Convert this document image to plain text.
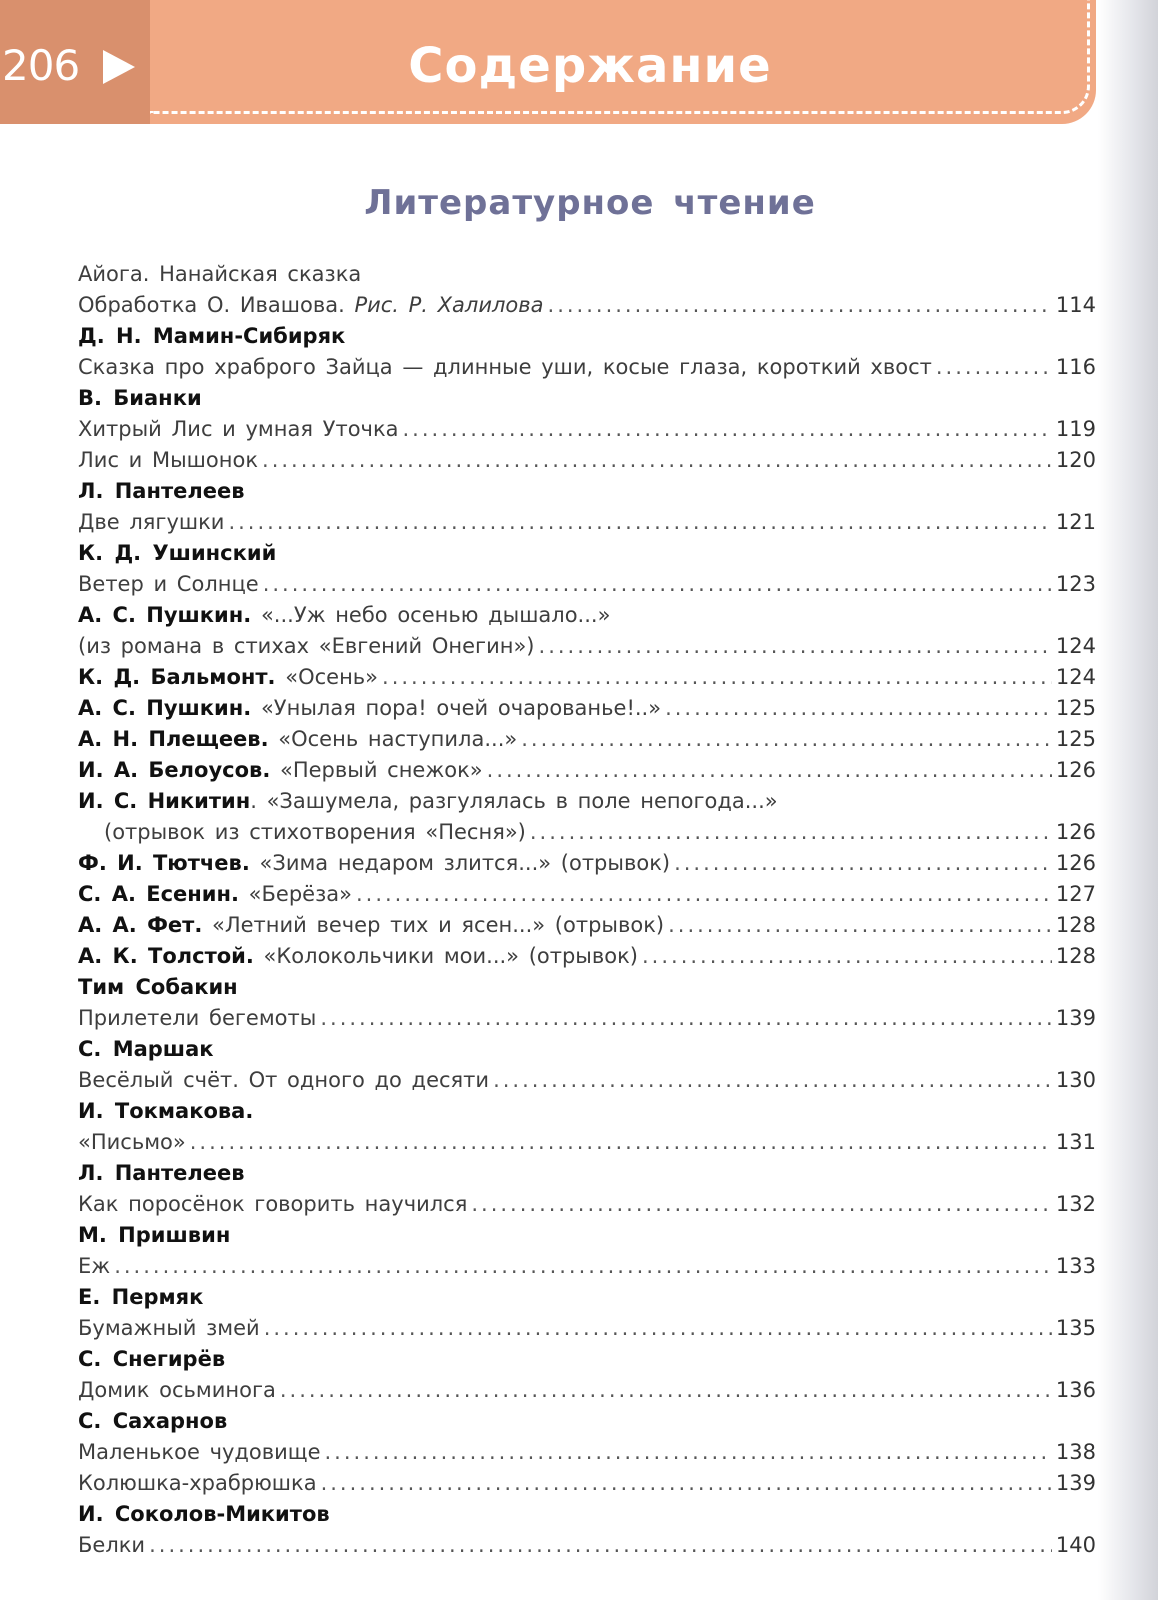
206	Содержание
Литературное чтение
Айога. Нанайская сказка
Обработка О. Ивашова. Рис. Р. Халилова .....	114
Д. Н. Мамин-Сибиряк
Сказка про храброго Зайца — длинные уши, косые глаза, короткий хвост .....	116
В. Бианки
Хитрый Лис и умная Уточка .....	119
Лис и Мышонок .....	120
Л. Пантелеев
Две лягушки .....	121
К. Д. Ушинский
Ветер и Солнце .....	123
А. С. Пушкин. «...Уж небо осенью дышало...»
(из романа в стихах «Евгений Онегин») .....	124
К. Д. Бальмонт. «Осень» .....	124
А. С. Пушкин. «Унылая пора! очей очарованье!..» .....	125
А. Н. Плещеев. «Осень наступила...» .....	125
И. А. Белоусов. «Первый снежок» .....	126
И. С. Никитин. «Зашумела, разгулялась в поле непогода...»
(отрывок из стихотворения «Песня») .....	126
Ф. И. Тютчев. «Зима недаром злится...» (отрывок) .....	126
С. А. Есенин. «Берёза» .....	127
А. А. Фет. «Летний вечер тих и ясен...» (отрывок) .....	128
А. К. Толстой. «Колокольчики мои...» (отрывок) .....	128
Тим Собакин
Прилетели бегемоты .....	139
С. Маршак
Весёлый счёт. От одного до десяти .....	130
И. Токмакова.
«Письмо» .....	131
Л. Пантелеев
Как поросёнок говорить научился .....	132
М. Пришвин
Еж .....	133
Е. Пермяк
Бумажный змей .....	135
С. Снегирёв
Домик осьминога .....	136
С. Сахарнов
Маленькое чудовище .....	138
Колюшка-храбрюшка .....	139
И. Соколов-Микитов
Белки .....	140
